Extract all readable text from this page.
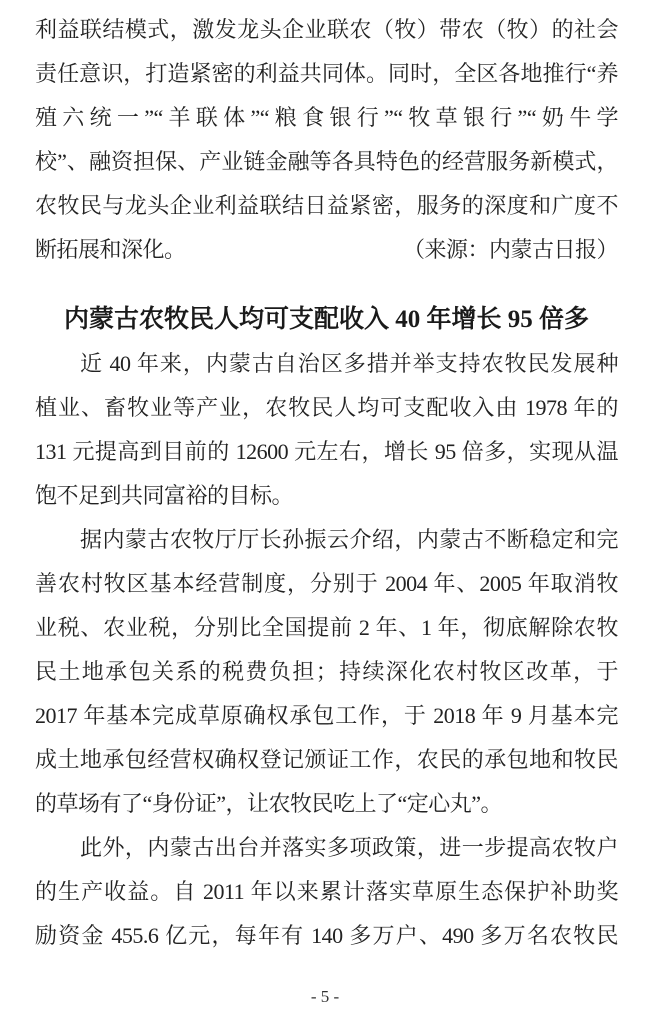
利益联结模式，激发龙头企业联农（牧）带农（牧）的社会
责任意识，打造紧密的利益共同体。同时，全区各地推行“养
殖六统一”“羊联体”“粮食银行”“牧草银行”“奶牛学
校”、融资担保、产业链金融等各具特色的经营服务新模式，
农牧民与龙头企业利益联结日益紧密，服务的深度和广度不
断拓展和深化。	（来源：内蒙古日报）
内蒙古农牧民人均可支配收入 40 年增长 95 倍多
近 40 年来，内蒙古自治区多措并举支持农牧民发展种
植业、畜牧业等产业，农牧民人均可支配收入由 1978 年的
131 元提高到目前的 12600 元左右，增长 95 倍多，实现从温
饱不足到共同富裕的目标。
据内蒙古农牧厅厅长孙振云介绍，内蒙古不断稳定和完
善农村牧区基本经营制度，分别于 2004 年、2005 年取消牧
业税、农业税，分别比全国提前 2 年、1 年，彻底解除农牧
民土地承包关系的税费负担；持续深化农村牧区改革，于
2017 年基本完成草原确权承包工作，于 2018 年 9 月基本完
成土地承包经营权确权登记颁证工作，农民的承包地和牧民
的草场有了“身份证”，让农牧民吃上了“定心丸”。
此外，内蒙古出台并落实多项政策，进一步提高农牧户
的生产收益。自 2011 年以来累计落实草原生态保护补助奖
励资金 455.6 亿元，每年有 140 多万户、490 多万名农牧民
- 5 -
